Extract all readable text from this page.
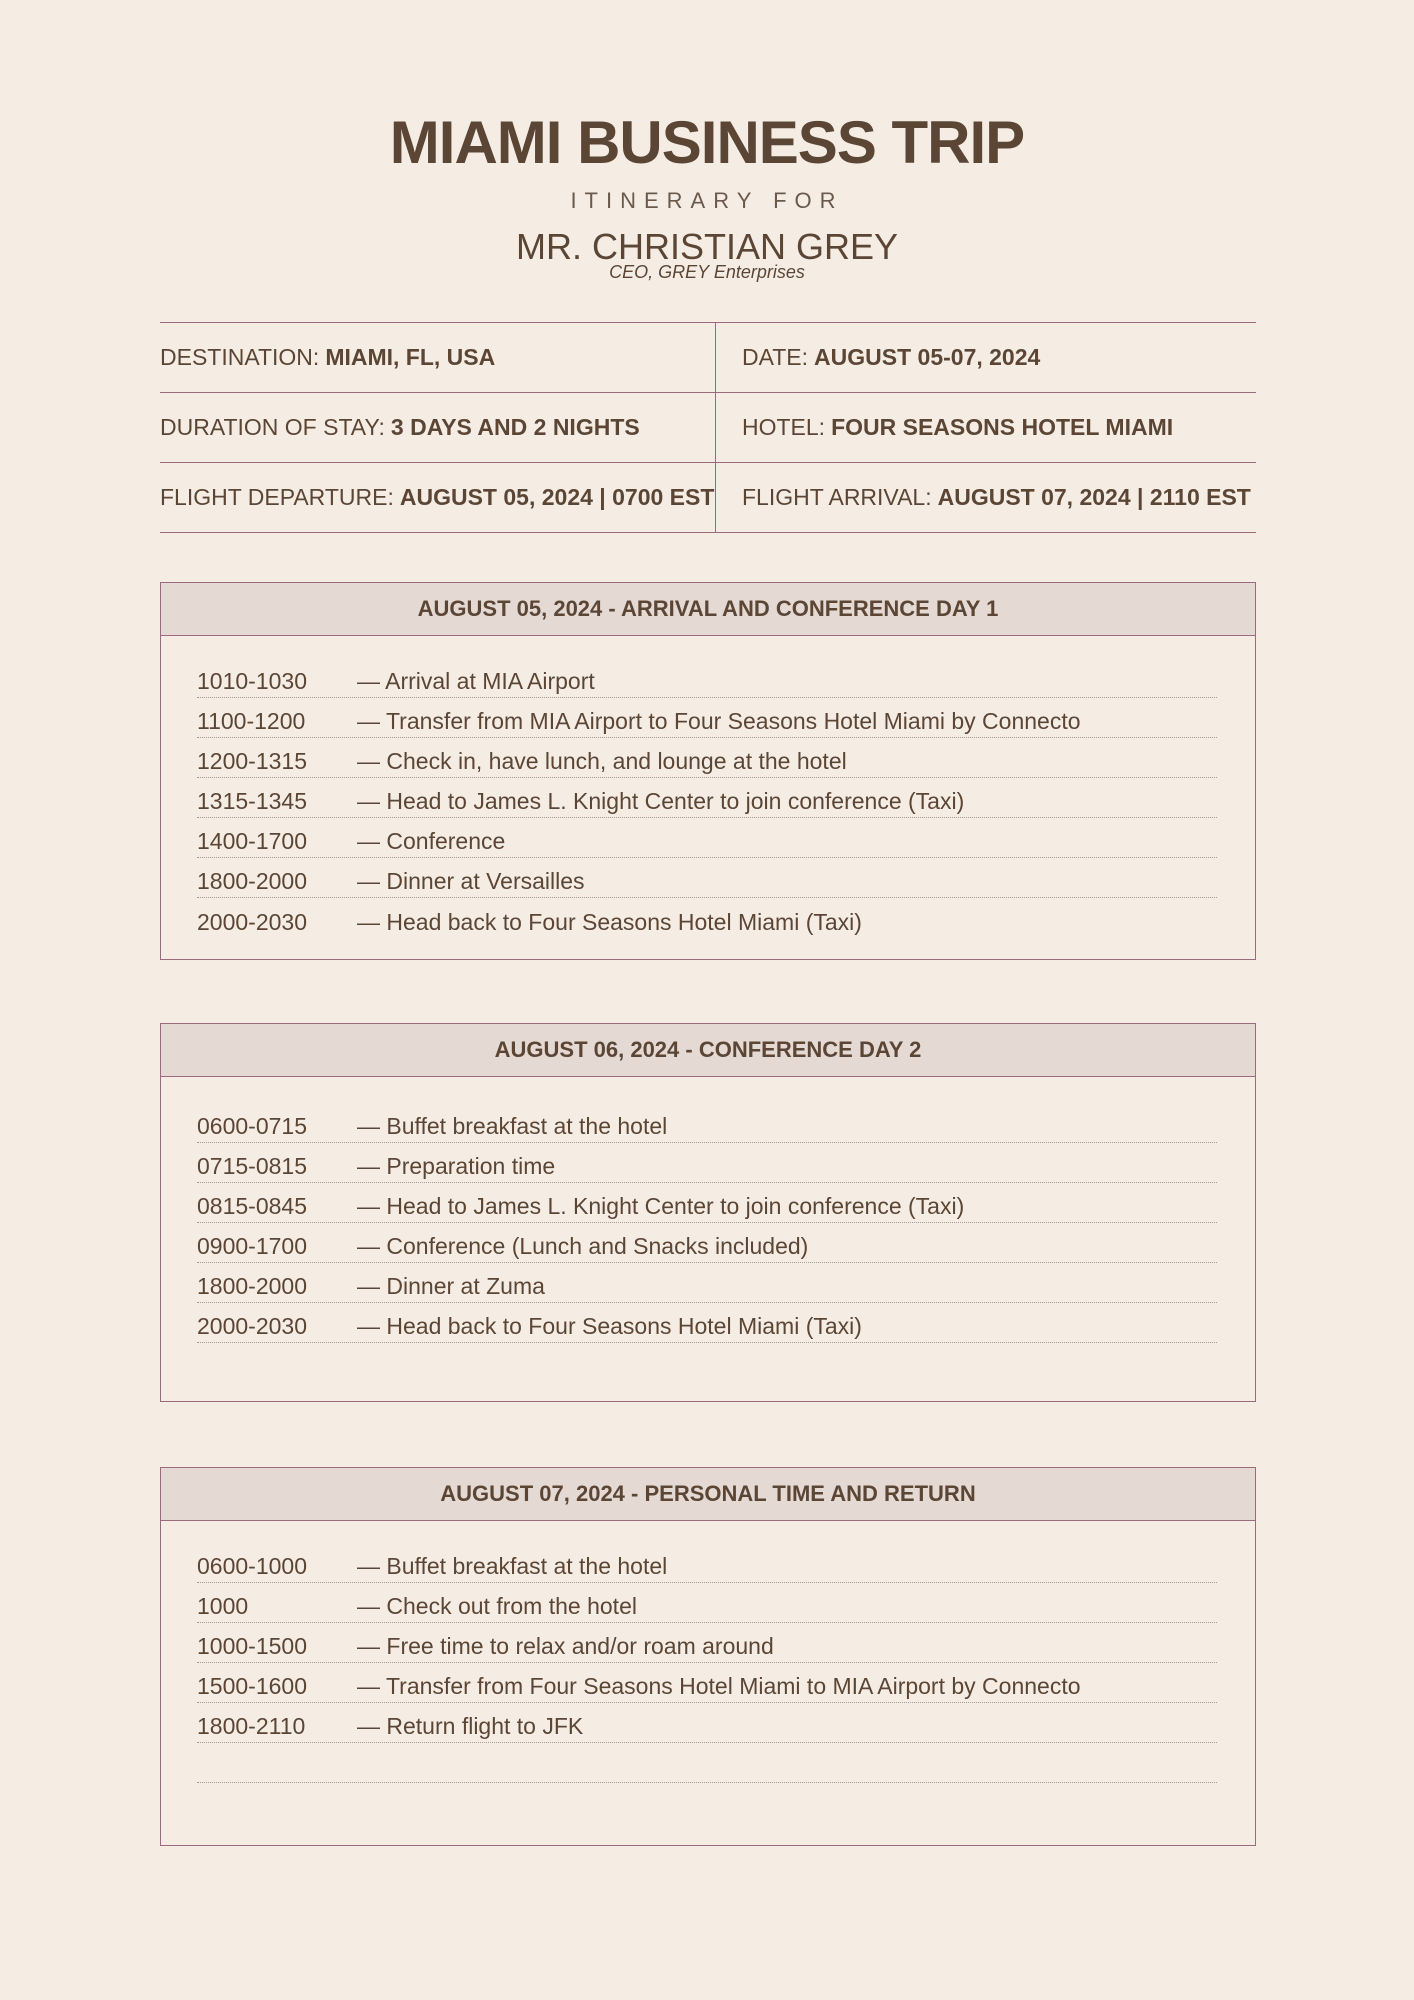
MIAMI BUSINESS TRIP
ITINERARY FOR
MR. CHRISTIAN GREY
CEO, GREY Enterprises
DESTINATION: MIAMI, FL, USA	DATE: AUGUST 05-07, 2024
DURATION OF STAY: 3 DAYS AND 2 NIGHTS	HOTEL: FOUR SEASONS HOTEL MIAMI
FLIGHT DEPARTURE: AUGUST 05, 2024 | 0700 EST FLIGHT ARRIVAL: AUGUST 07, 2024 | 2110 EST
AUGUST 05, 2024 - ARRIVAL AND CONFERENCE DAY 1
1010-1030	— Arrival at MIA Airport
1100-1200	— Transfer from MIA Airport to Four Seasons Hotel Miami by Connecto
1200-1315	— Check in, have lunch, and lounge at the hotel
1315-1345	— Head to James L. Knight Center to join conference (Taxi)
1400-1700	— Conference
1800-2000	— Dinner at Versailles
2000-2030	— Head back to Four Seasons Hotel Miami (Taxi)
AUGUST 06, 2024 - CONFERENCE DAY 2
0600-0715	— Buffet breakfast at the hotel
0715-0815	— Preparation time
0815-0845	— Head to James L. Knight Center to join conference (Taxi)
0900-1700	— Conference (Lunch and Snacks included)
1800-2000	— Dinner at Zuma
2000-2030	— Head back to Four Seasons Hotel Miami (Taxi)
AUGUST 07, 2024 - PERSONAL TIME AND RETURN
0600-1000	— Buffet breakfast at the hotel
1000	— Check out from the hotel
1000-1500	— Free time to relax and/or roam around
1500-1600	— Transfer from Four Seasons Hotel Miami to MIA Airport by Connecto
1800-2110	— Return flight to JFK
